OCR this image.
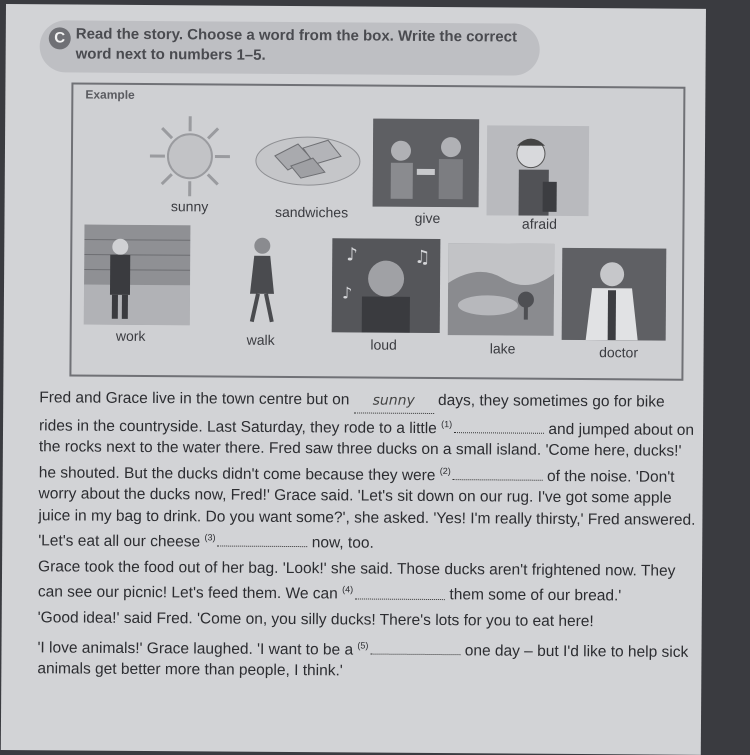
C Read the story. Choose a word from the box. Write the correct
word next to numbers 1–5.
Example
sunny	sandwiches	give	afraid
♪	♫
♪
work	walk	loud	lake	doctor

Fred and Grace live in the town centre but on sunny days, they sometimes go for bike rides in the countryside. Last Saturday, they rode to a little $^{(1)}$	and jumped about on the rocks next to the water there. Fred saw three ducks on a small island. 'Come here, ducks!' he shouted. But the ducks didn't come because they were $^{(2)}$	of the noise. 'Don't worry about the ducks now, Fred!' Grace said. 'Let's sit down on our rug. I've got some apple juice in my bag to drink. Do you want some?', she asked. 'Yes! I'm really thirsty,' Fred answered. 'Let's eat all our cheese $^{(3)}$	now, too.

Grace took the food out of her bag. 'Look!' she said. Those ducks aren't frightened now. They can see our picnic! Let's feed them. We can $^{(4)}$	them some of our bread.'

'Good idea!' said Fred. 'Come on, you silly ducks! There's lots for you to eat here!

'I love animals!' Grace laughed. 'I want to be a $^{(5)}$	one day – but I'd like to help sick animals get better more than people, I think.'
